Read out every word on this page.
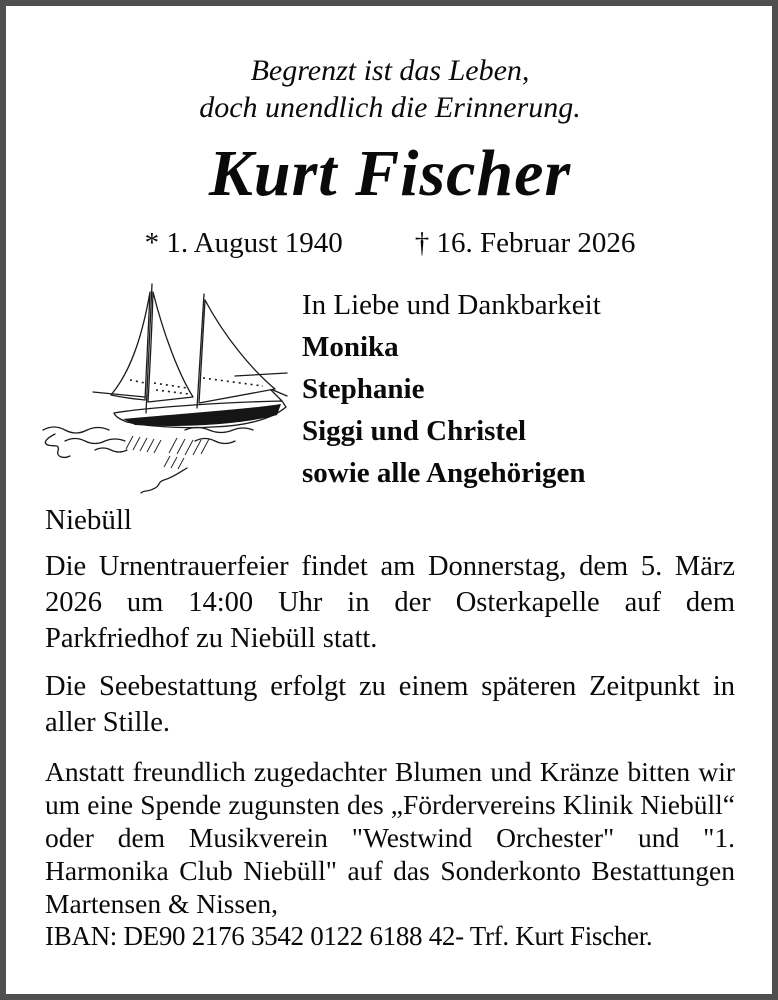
Begrenzt ist das Leben,
doch unendlich die Erinnerung.
Kurt Fischer
* 1. August 1940 † 16. Februar 2026
In Liebe und Dankbarkeit
Monika
Stephanie
Siggi und Christel
sowie alle Angehörigen
Niebüll

Die Urnentrauerfeier findet am Donnerstag, dem 5. März 2026 um 14:00 Uhr in der Osterkapelle auf dem Parkfriedhof zu Niebüll statt.

Die Seebestattung erfolgt zu einem späteren Zeitpunkt in aller Stille.

Anstatt freundlich zugedachter Blumen und Kränze bitten wir um eine Spende zugunsten des „Fördervereins Klinik Niebüll“ oder dem Musikverein "Westwind Orchester" und "1. Harmonika Club Niebüll" auf das Sonderkonto Bestattungen Martensen & Nissen,

IBAN: DE90 2176 3542 0122 6188 42- Trf. Kurt Fischer.
